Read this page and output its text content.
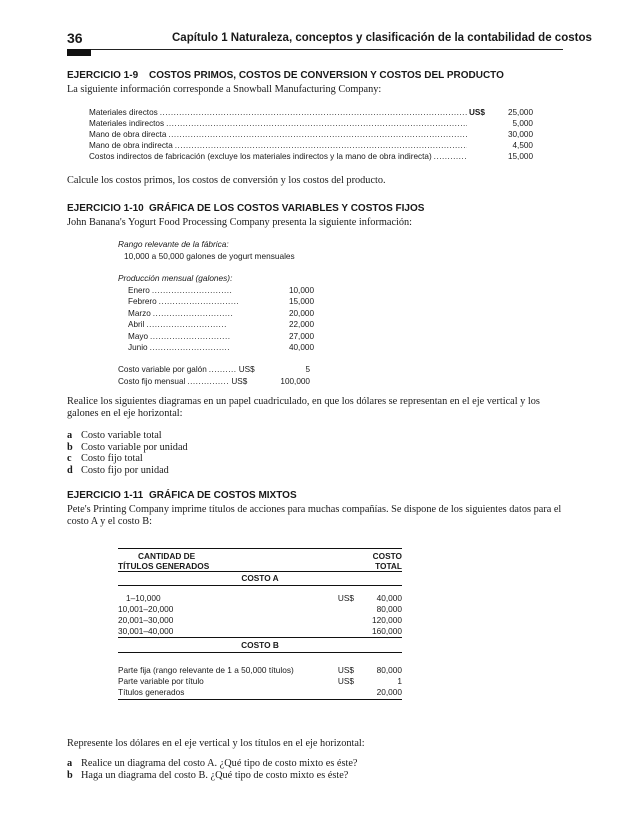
36	Capítulo 1 Naturaleza, conceptos y clasificación de la contabilidad de costos
EJERCICIO 1-9 COSTOS PRIMOS, COSTOS DE CONVERSION Y COSTOS DEL PRODUCTO
La siguiente información corresponde a Snowball Manufacturing Company:
Materiales directos .....	US$	25,000
Materiales indirectos .....	5,000
Mano de obra directa .....	30,000
Mano de obra indirecta .....	4,500
Costos indirectos de fabricación (excluye los materiales indirectos y la mano de obra indirecta) .....	15,000
Calcule los costos primos, los costos de conversión y los costos del producto.
EJERCICIO 1-10 GRÁFICA DE LOS COSTOS VARIABLES Y COSTOS FIJOS
John Banana's Yogurt Food Processing Company presenta la siguiente información:
Rango relevante de la fábrica:
10,000 a 50,000 galones de yogurt mensuales
Producción mensual (galones):
Enero .....	10,000
Febrero .....	15,000
Marzo .....	20,000
Abril .....	22,000
Mayo .....	27,000
Junio .....	40,000
Costo variable por galón .....	US$	5
Costo fijo mensual .....	US$	100,000
Realice los siguientes diagramas en un papel cuadriculado, en que los dólares se representan en el eje vertical y los galones en el eje horizontal:
a Costo variable total
b Costo variable por unidad
c Costo fijo total
d Costo fijo por unidad
EJERCICIO 1-11 GRÁFICA DE COSTOS MIXTOS
Pete's Printing Company imprime títulos de acciones para muchas compañías. Se dispone de los siguientes datos para el costo A y el costo B:
CANTIDAD DE
TÍTULOS GENERADOS
COSTO
TOTAL
COSTO A
1–10,000	US$	40,000
10,001–20,000	80,000
20,001–30,000	120,000
30,001–40,000	160,000
COSTO B
Parte fija (rango relevante de 1 a 50,000 títulos)	US$	80,000
Parte variable por título	US$	1
Títulos generados	20,000
Represente los dólares en el eje vertical y los títulos en el eje horizontal:
a Realice un diagrama del costo A. ¿Qué tipo de costo mixto es éste?
b Haga un diagrama del costo B. ¿Qué tipo de costo mixto es éste?
